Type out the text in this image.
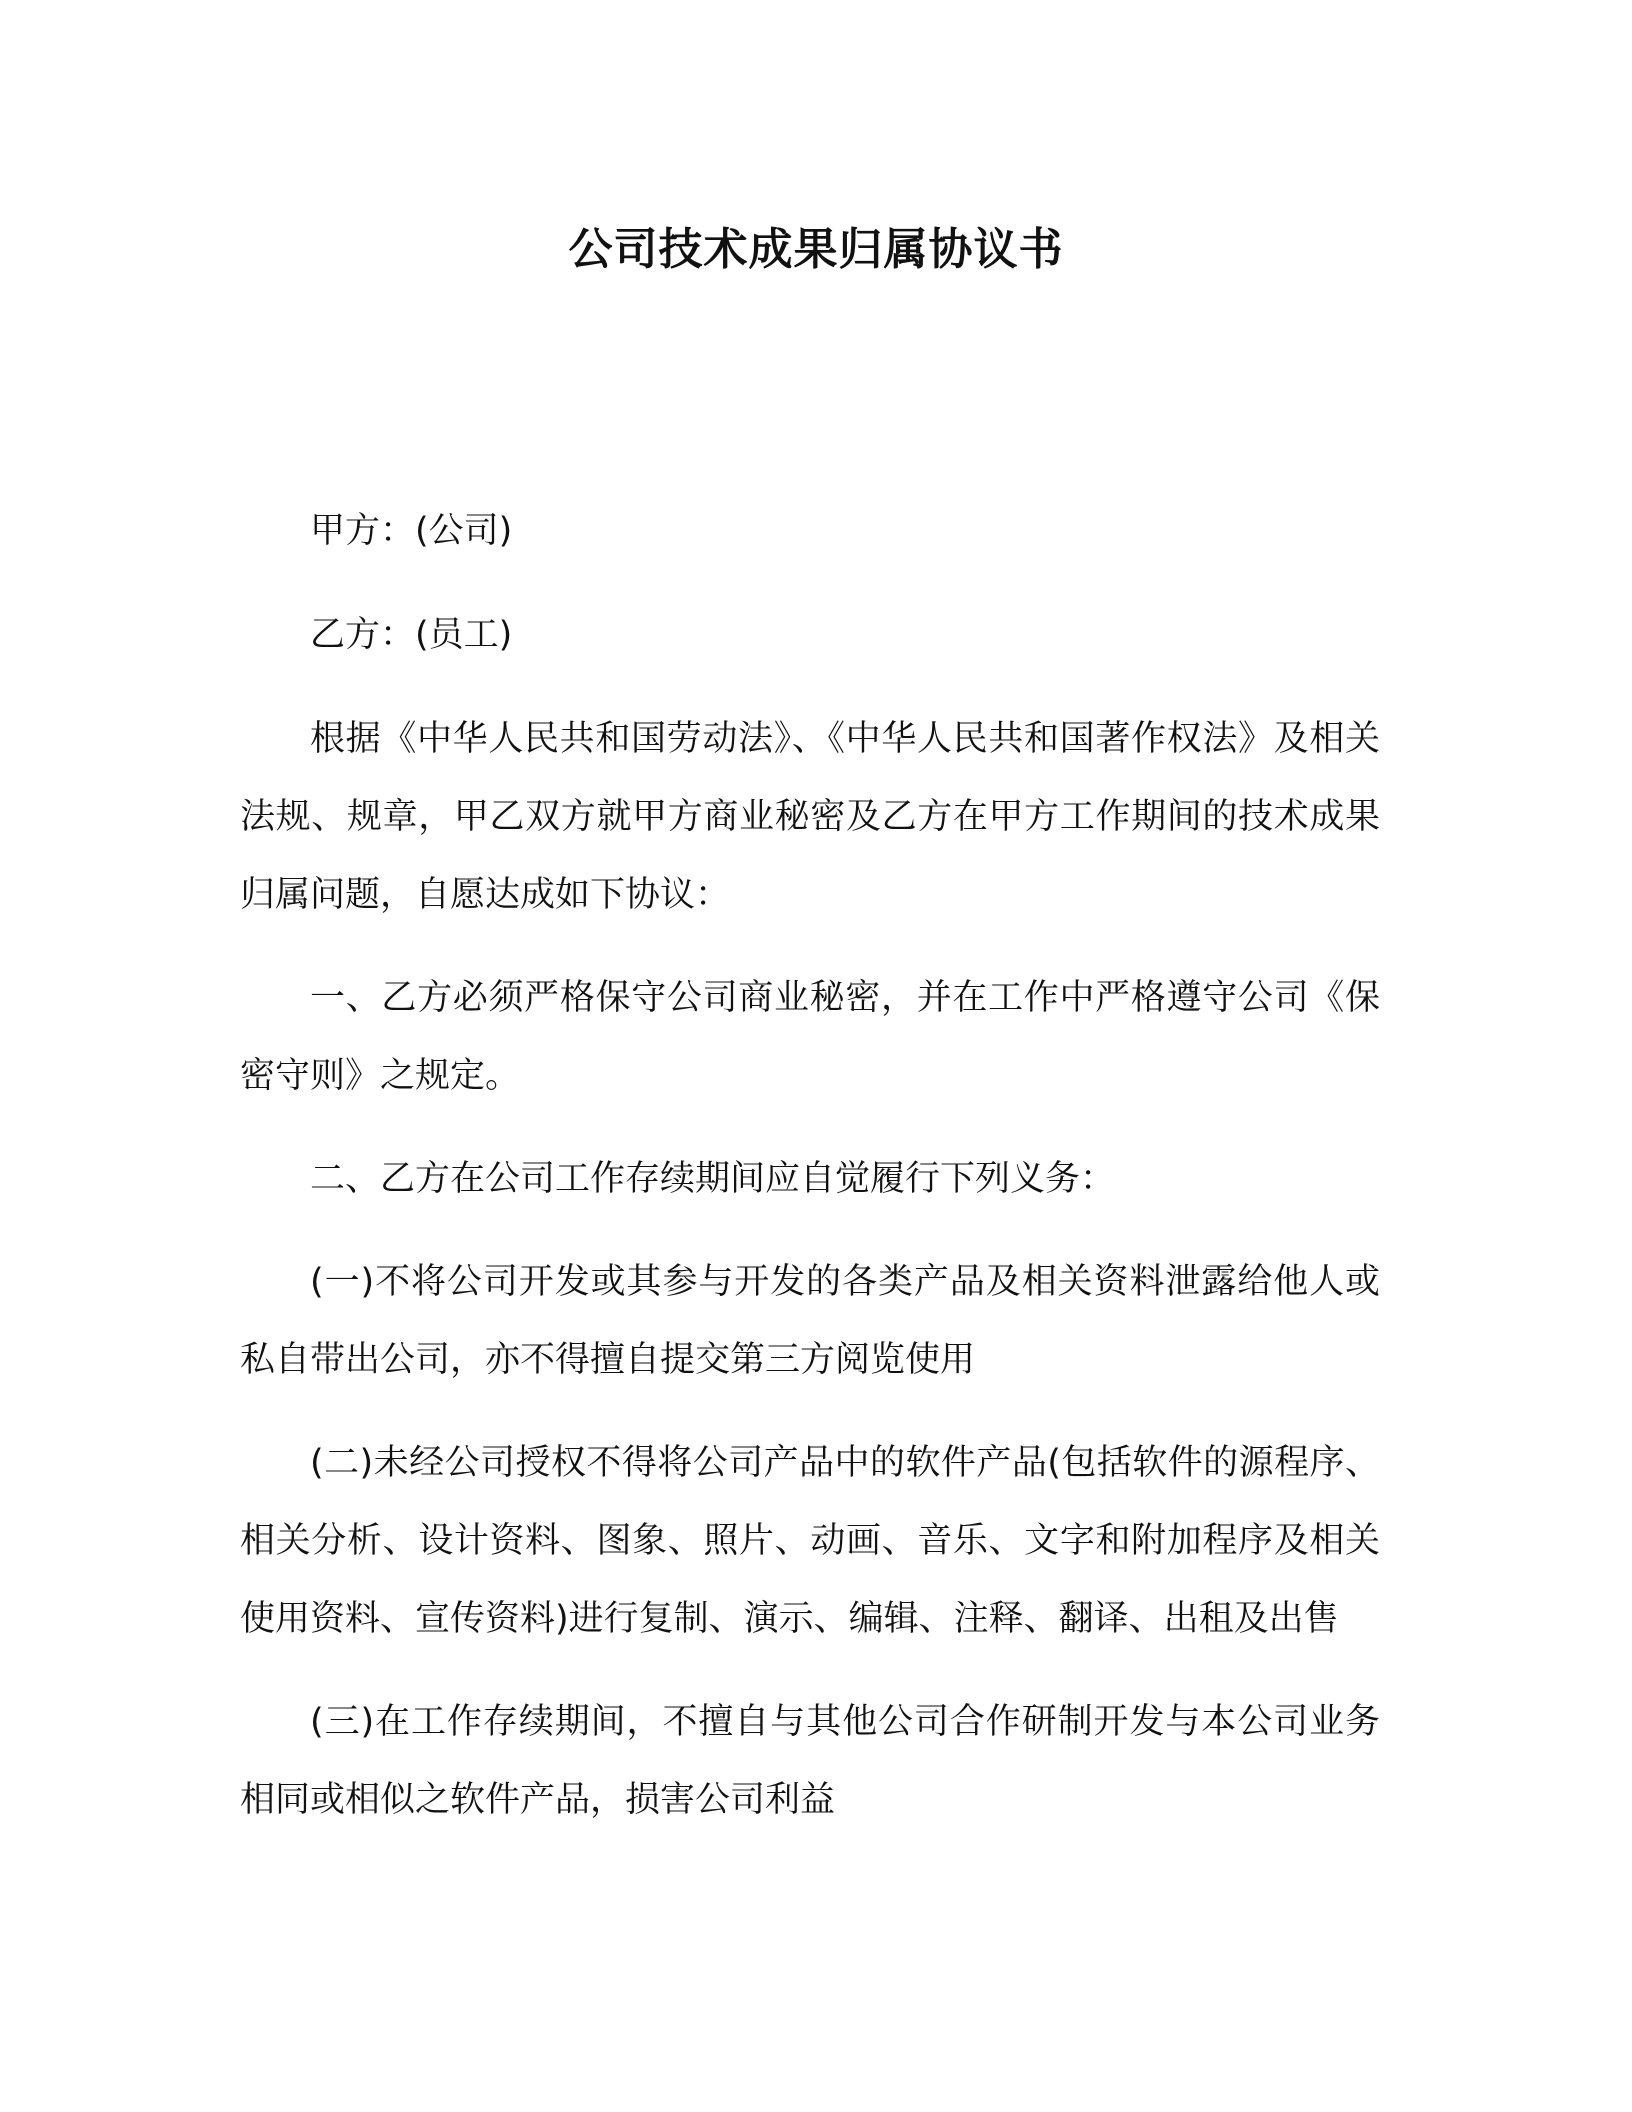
公司技术成果归属协议书

甲方：(公司)

乙方：(员工)

根据《中华人民共和国劳动法》、《中华人民共和国著作权法》及相关法规、规章，甲乙双方就甲方商业秘密及乙方在甲方工作期间的技术成果归属问题，自愿达成如下协议：

一、乙方必须严格保守公司商业秘密，并在工作中严格遵守公司《保密守则》之规定。

二、乙方在公司工作存续期间应自觉履行下列义务：

(一)不将公司开发或其参与开发的各类产品及相关资料泄露给他人或私自带出公司，亦不得擅自提交第三方阅览使用

(二)未经公司授权不得将公司产品中的软件产品(包括软件的源程序、相关分析、设计资料、图象、照片、动画、音乐、文字和附加程序及相关使用资料、宣传资料)进行复制、演示、编辑、注释、翻译、出租及出售

(三)在工作存续期间，不擅自与其他公司合作研制开发与本公司业务相同或相似之软件产品，损害公司利益
